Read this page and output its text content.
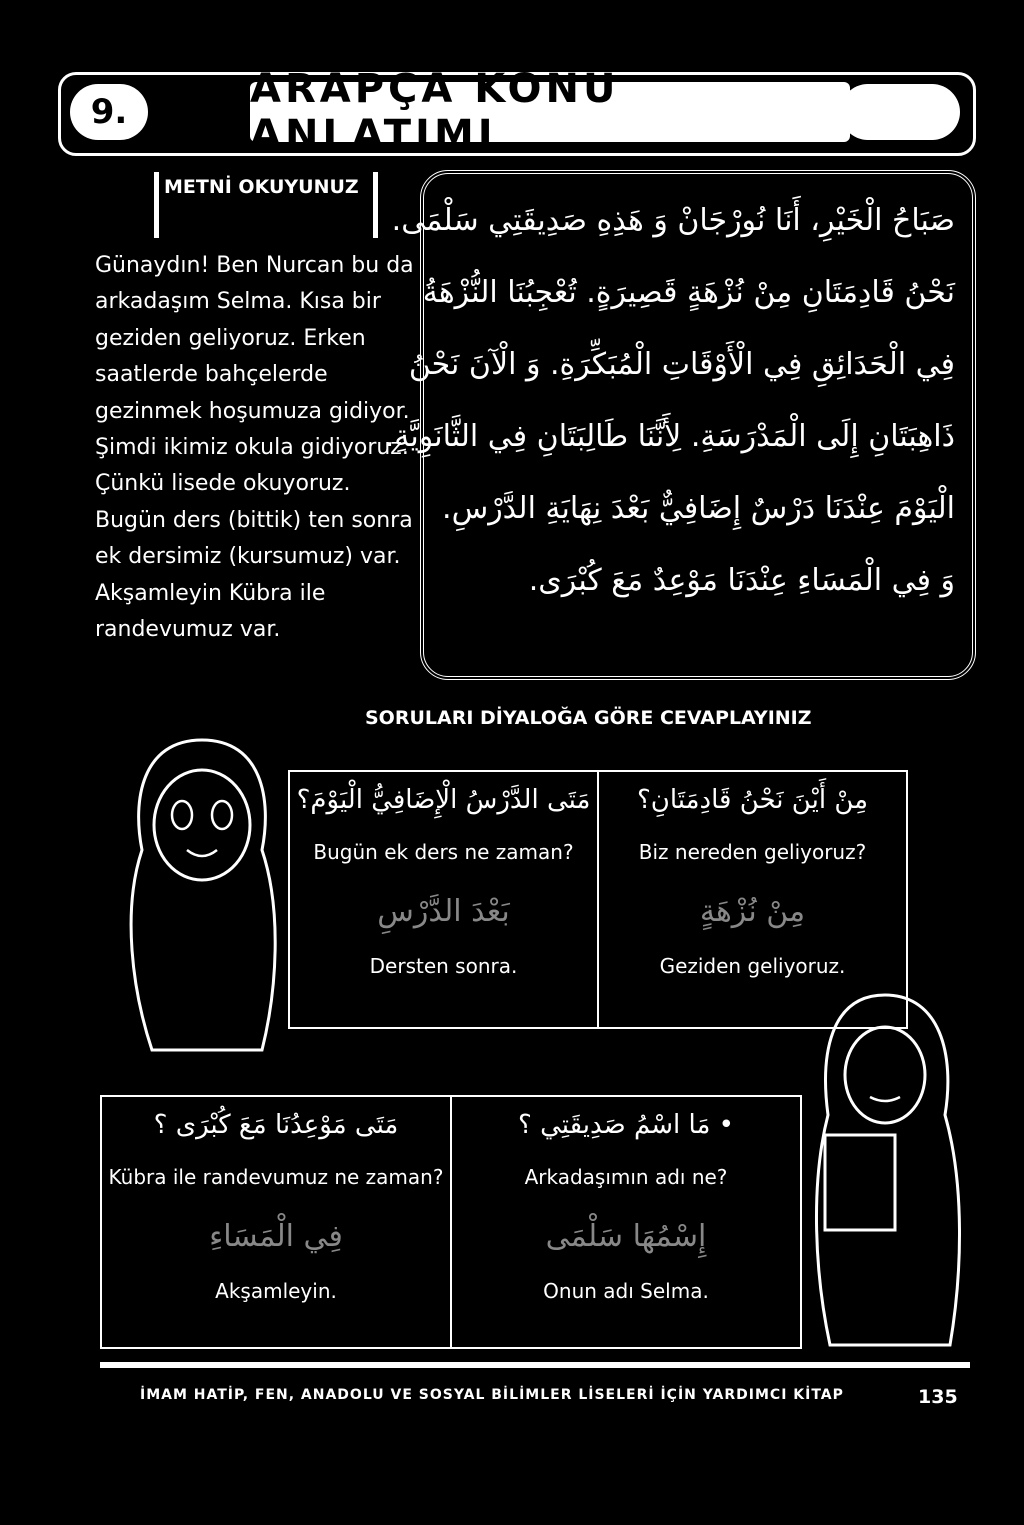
9.	ARAPÇA KONU ANLATIMI
METNİ OKUYUNUZ
Günaydın! Ben Nurcan bu da
arkadaşım Selma. Kısa bir
geziden geliyoruz. Erken
saatlerde bahçelerde
gezinmek hoşumuza gidiyor.
Şimdi ikimiz okula gidiyoruz.
Çünkü lisede okuyoruz.
Bugün ders (bittik) ten sonra
ek dersimiz (kursumuz) var.
Akşamleyin Kübra ile
randevumuz var.
صَبَاحُ الْخَيْرِ، أَنَا نُورْجَانْ وَ هَذِهِ صَدِيقَتِي سَلْمَى.
نَحْنُ قَادِمَتَانِ مِنْ نُزْهَةٍ قَصِيرَةٍ. تُعْجِبُنَا النُّزْهَةُ
فِي الْحَدَائِقِ فِي الْأَوْقَاتِ الْمُبَكِّرَةِ. وَ الْآنَ نَحْنُ
ذَاهِبَتَانِ إِلَى الْمَدْرَسَةِ. لِأَنَّنَا طَالِبَتَانِ فِي الثَّانَوِيَّةِ.
الْيَوْمَ عِنْدَنَا دَرْسٌ إِضَافِيٌّ بَعْدَ نِهَايَةِ الدَّرْسِ.
وَ فِي الْمَسَاءِ عِنْدَنَا مَوْعِدٌ مَعَ كُبْرَى.
SORULARI DİYALOĞA GÖRE CEVAPLAYINIZ
مَتَى الدَّرْسُ الْإِضَافِيُّ الْيَوْمَ؟
Bugün ek ders ne zaman?
بَعْدَ الدَّرْسِ
Dersten sonra.
مِنْ أَيْنَ نَحْنُ قَادِمَتَانِ؟
Biz nereden geliyoruz?
مِنْ نُزْهَةٍ
Geziden geliyoruz.
مَتَى مَوْعِدُنَا مَعَ كُبْرَى ؟
Kübra ile randevumuz ne zaman?
فِي الْمَسَاءِ
Akşamleyin.
• مَا اسْمُ صَدِيقَتِي ؟
Arkadaşımın adı ne?
إِسْمُهَا سَلْمَى
Onun adı Selma.
İMAM HATİP, FEN, ANADOLU VE SOSYAL BİLİMLER LİSELERİ İÇİN YARDIMCI KİTAP	135
